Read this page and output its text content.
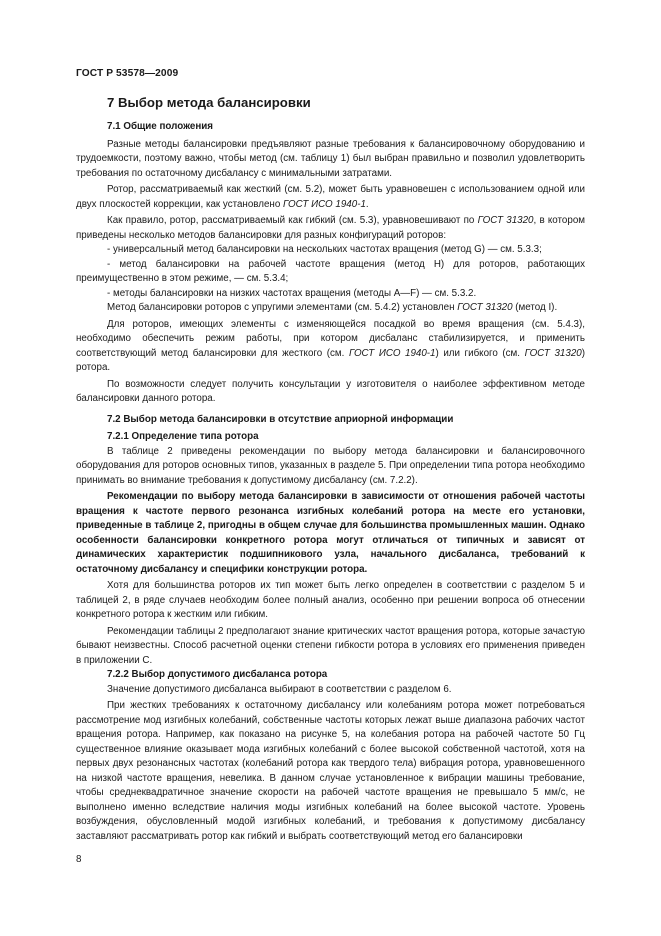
ГОСТ Р 53578—2009
7 Выбор метода балансировки
7.1 Общие положения

Разные методы балансировки предъявляют разные требования к балансировочному оборудованию и трудоемкости, поэтому важно, чтобы метод (см. таблицу 1) был выбран правильно и позволил удовлетворить требования по остаточному дисбалансу с минимальными затратами.

Ротор, рассматриваемый как жесткий (см. 5.2), может быть уравновешен с использованием одной или двух плоскостей коррекции, как установлено ГОСТ ИСО 1940-1.

Как правило, ротор, рассматриваемый как гибкий (см. 5.3), уравновешивают по ГОСТ 31320, в котором приведены несколько методов балансировки для разных конфигураций роторов:

- универсальный метод балансировки на нескольких частотах вращения (метод G) — см. 5.3.3;

- метод балансировки на рабочей частоте вращения (метод H) для роторов, работающих преимущественно в этом режиме, — см. 5.3.4;

- методы балансировки на низких частотах вращения (методы A—F) — см. 5.3.2.

Метод балансировки роторов с упругими элементами (см. 5.4.2) установлен ГОСТ 31320 (метод I).

Для роторов, имеющих элементы с изменяющейся посадкой во время вращения (см. 5.4.3), необходимо обеспечить режим работы, при котором дисбаланс стабилизируется, и применить соответствующий метод балансировки для жесткого (см. ГОСТ ИСО 1940-1) или гибкого (см. ГОСТ 31320) ротора.

По возможности следует получить консультации у изготовителя о наиболее эффективном методе балансировки данного ротора.

7.2 Выбор метода балансировки в отсутствие априорной информации
7.2.1 Определение типа ротора

В таблице 2 приведены рекомендации по выбору метода балансировки и балансировочного оборудования для роторов основных типов, указанных в разделе 5. При определении типа ротора необходимо принимать во внимание требования к допустимому дисбалансу (см. 7.2.2).

Рекомендации по выбору метода балансировки в зависимости от отношения рабочей частоты вращения к частоте первого резонанса изгибных колебаний ротора на месте его установки, приведенные в таблице 2, пригодны в общем случае для большинства промышленных машин. Однако особенности балансировки конкретного ротора могут отличаться от типичных и зависят от динамических характеристик подшипникового узла, начального дисбаланса, требований к остаточному дисбалансу и специфики конструкции ротора.

Хотя для большинства роторов их тип может быть легко определен в соответствии с разделом 5 и таблицей 2, в ряде случаев необходим более полный анализ, особенно при решении вопроса об отнесении конкретного ротора к жестким или гибким.

Рекомендации таблицы 2 предполагают знание критических частот вращения ротора, которые зачастую бывают неизвестны. Способ расчетной оценки степени гибкости ротора в условиях его применения приведен в приложении С.

7.2.2 Выбор допустимого дисбаланса ротора

Значение допустимого дисбаланса выбирают в соответствии с разделом 6.

При жестких требованиях к остаточному дисбалансу или колебаниям ротора может потребоваться рассмотрение мод изгибных колебаний, собственные частоты которых лежат выше диапазона рабочих частот вращения ротора. Например, как показано на рисунке 5, на колебания ротора на рабочей частоте 50 Гц существенное влияние оказывает мода изгибных колебаний с более высокой собственной частотой, хотя на первых двух резонансных частотах (колебаний ротора как твердого тела) вибрация ротора, уравновешенного на низкой частоте вращения, невелика. В данном случае установленное к вибрации машины требование, чтобы среднеквадратичное значение скорости на рабочей частоте вращения не превышало 5 мм/с, не выполнено именно вследствие наличия моды изгибных колебаний на более высокой частоте. Уровень возбуждения, обусловленный модой изгибных колебаний, и требования к допустимому дисбалансу заставляют рассматривать ротор как гибкий и выбрать соответствующий метод его балансировки

8
